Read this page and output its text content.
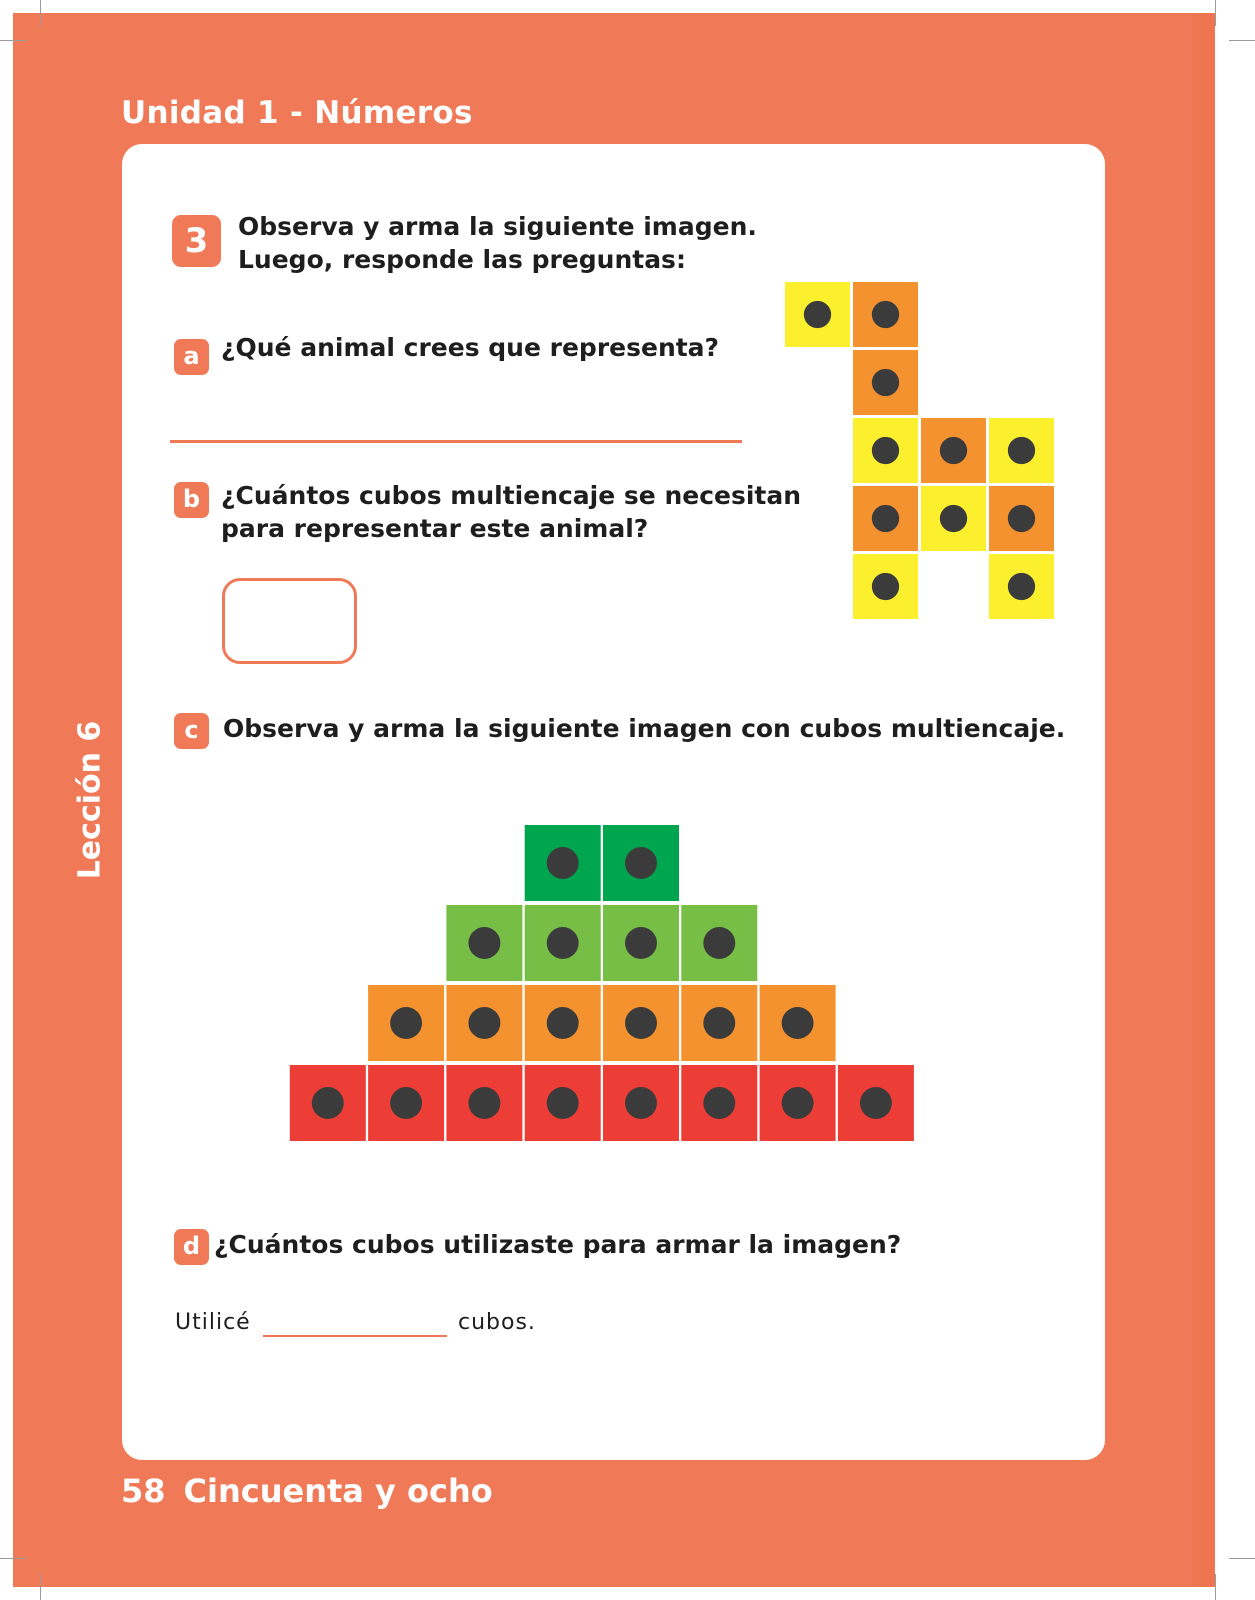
Unidad 1 - Números
Lección 6
3	Observa y arma la siguiente imagen.
Luego, responde las preguntas:
a ¿Qué animal crees que representa?
b ¿Cuántos cubos multiencaje se necesitan
para representar este animal?
c Observa y arma la siguiente imagen con cubos multiencaje.
d ¿Cuántos cubos utilizaste para armar la imagen?
Utilicé	cubos.
58 Cincuenta y ocho
